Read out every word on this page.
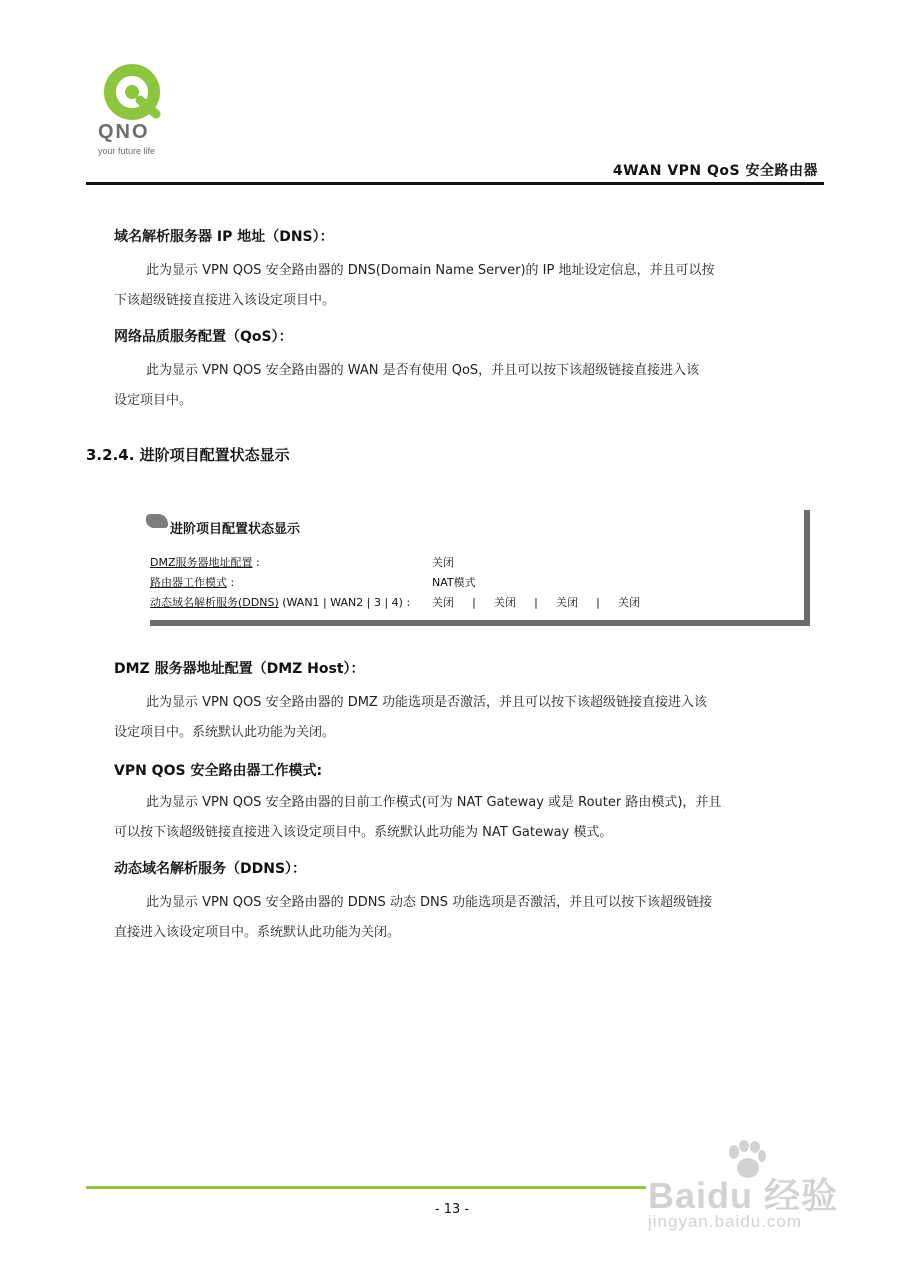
QNO
your future life
4WAN VPN QoS 安全路由器
域名解析服务器 IP 地址（DNS）：
此为显示 VPN QOS 安全路由器的 DNS(Domain Name Server)的 IP 地址设定信息，并且可以按
下该超级链接直接进入该设定项目中。
网络品质服务配置（QoS）：
此为显示 VPN QOS 安全路由器的 WAN 是否有使用 QoS，并且可以按下该超级链接直接进入该
设定项目中。
3.2.4. 进阶项目配置状态显示
进阶项目配置状态显示
DMZ服务器地址配置 :	关闭
路由器工作模式 :	NAT模式
动态域名解析服务(DDNS) (WAN1 | WAN2 | 3 | 4) : 关闭 | 关闭 | 关闭 | 关闭
DMZ 服务器地址配置（DMZ Host）：
此为显示 VPN QOS 安全路由器的 DMZ 功能选项是否激活，并且可以按下该超级链接直接进入该
设定项目中。系统默认此功能为关闭。
VPN QOS 安全路由器工作模式:
此为显示 VPN QOS 安全路由器的目前工作模式(可为 NAT Gateway 或是 Router 路由模式)，并且
可以按下该超级链接直接进入该设定项目中。系统默认此功能为 NAT Gateway 模式。
动态域名解析服务（DDNS）：
此为显示 VPN QOS 安全路由器的 DDNS 动态 DNS 功能选项是否激活，并且可以按下该超级链接
直接进入该设定项目中。系统默认此功能为关闭。
- 13 -	Baidu 经验
jingyan.baidu.com
